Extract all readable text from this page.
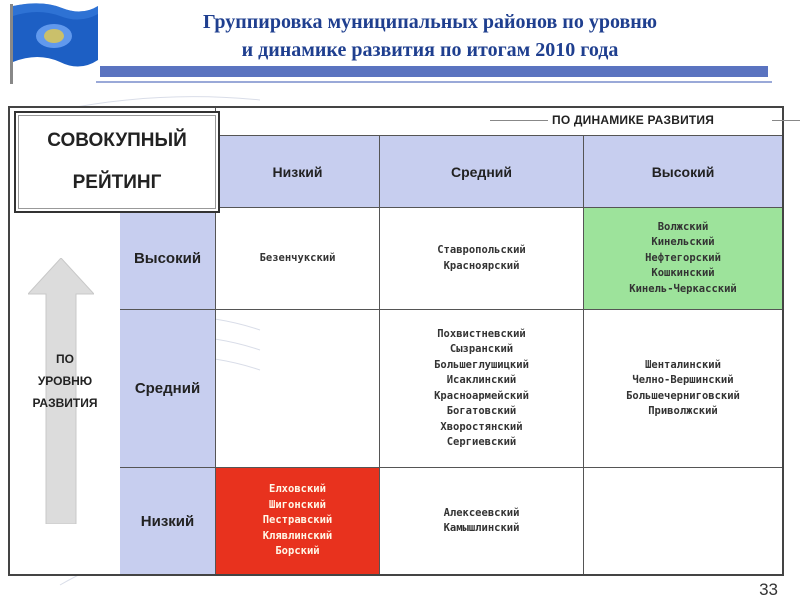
Группировка муниципальных районов по уровню
и динамике развития по итогам 2010 года
ПО
УРОВНЮ
РАЗВИТИЯ
ПО ДИНАМИКЕ РАЗВИТИЯ
Низкий	Средний	Высокий
Высокий
Средний
Низкий
Безенчукский
Ставропольский
Красноярский
Волжский
Кинельский
Нефтегорский
Кошкинский
Кинель-Черкасский
Похвистневский
Сызранский
Большеглушицкий
Исаклинский
Красноармейский
Богатовский
Хворостянский
Сергиевский
Шенталинский
Челно-Вершинский
Большечерниговский
Приволжский
Елховский
Шигонский
Пестравский
Клявлинский
Борский
Алексеевский
Камышлинский
СОВОКУПНЫЙ
РЕЙТИНГ
33
